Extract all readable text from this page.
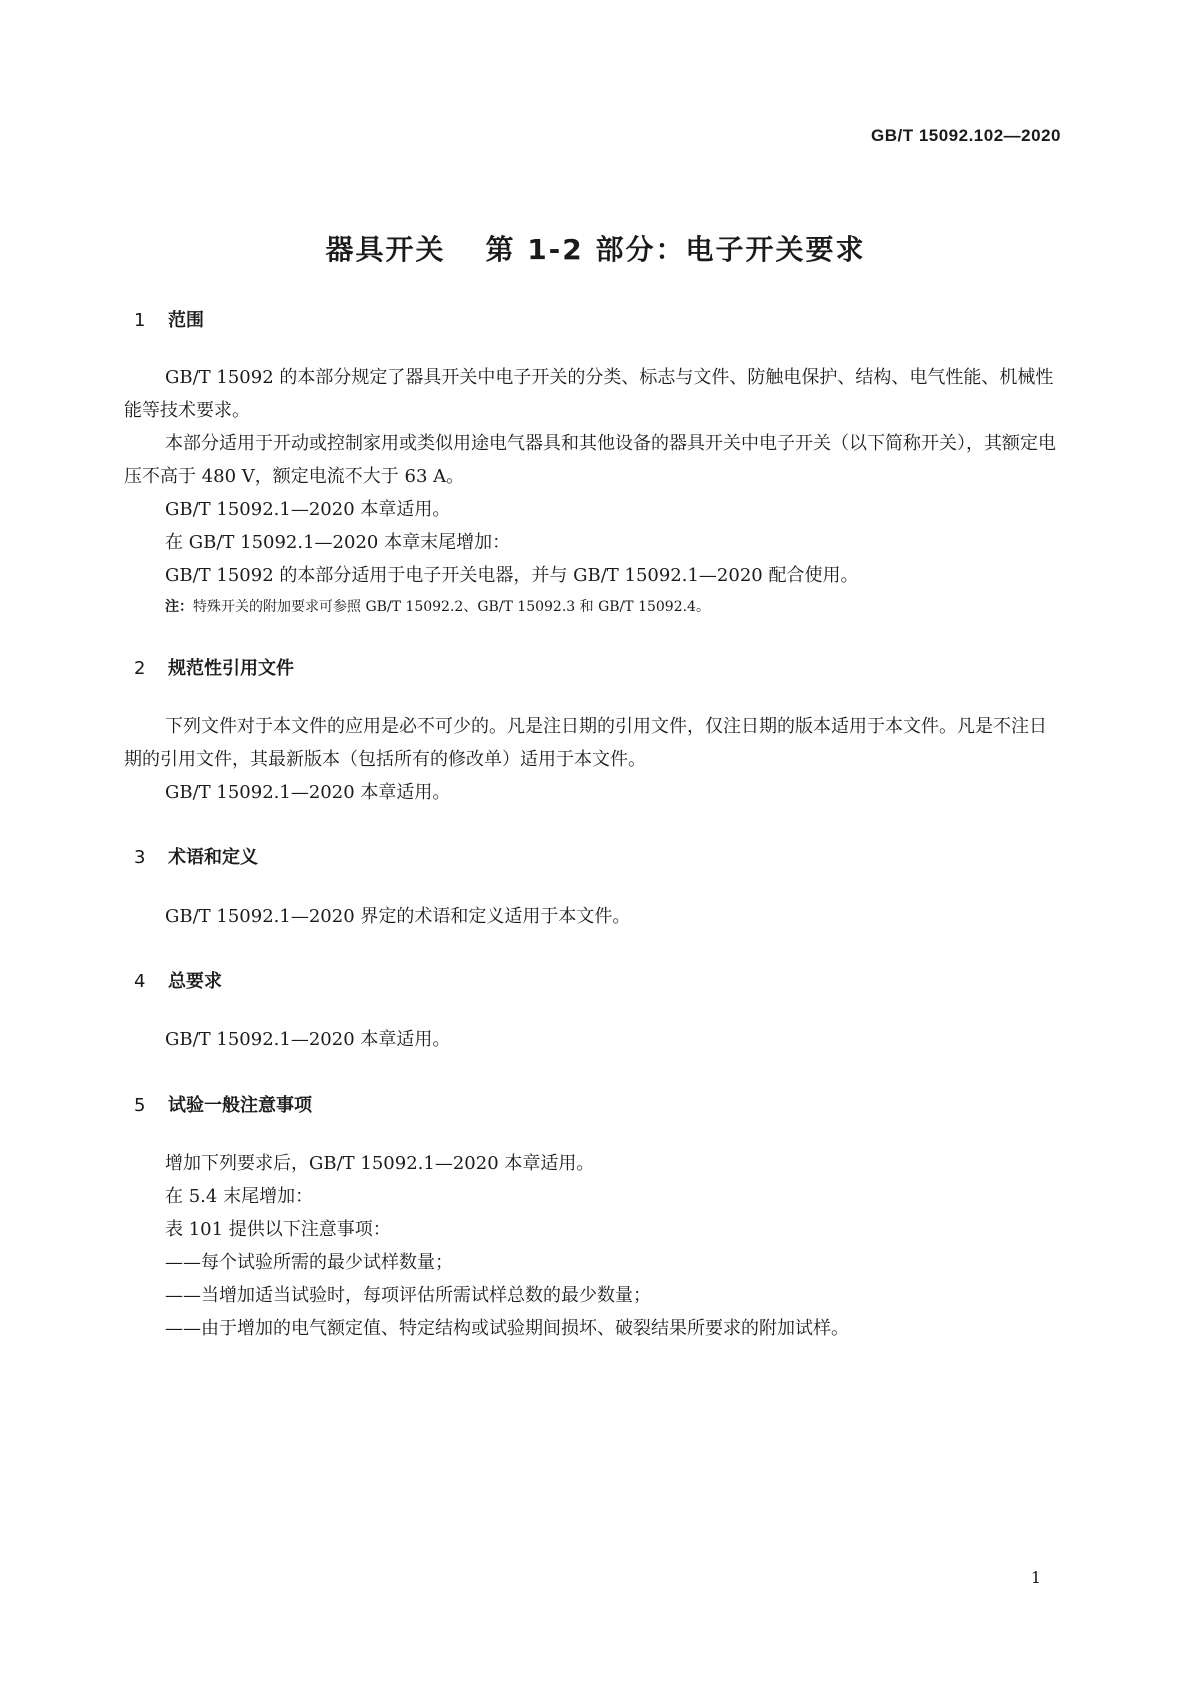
GB/T 15092.102—2020
器具开关 第 1-2 部分：电子开关要求
1 范围

GB/T 15092 的本部分规定了器具开关中电子开关的分类、标志与文件、防触电保护、结构、电气性能、机械性能等技术要求。

本部分适用于开动或控制家用或类似用途电气器具和其他设备的器具开关中电子开关（以下简称开关），其额定电压不高于 480 V，额定电流不大于 63 A。

GB/T 15092.1—2020 本章适用。

在 GB/T 15092.1—2020 本章末尾增加：

GB/T 15092 的本部分适用于电子开关电器，并与 GB/T 15092.1—2020 配合使用。

注：特殊开关的附加要求可参照 GB/T 15092.2、GB/T 15092.3 和 GB/T 15092.4。
2 规范性引用文件

下列文件对于本文件的应用是必不可少的。凡是注日期的引用文件，仅注日期的版本适用于本文件。凡是不注日期的引用文件，其最新版本（包括所有的修改单）适用于本文件。

GB/T 15092.1—2020 本章适用。

3 术语和定义

GB/T 15092.1—2020 界定的术语和定义适用于本文件。

4 总要求

GB/T 15092.1—2020 本章适用。

5 试验一般注意事项

增加下列要求后，GB/T 15092.1—2020 本章适用。

在 5.4 末尾增加：

表 101 提供以下注意事项：

——每个试验所需的最少试样数量；

——当增加适当试验时，每项评估所需试样总数的最少数量；

——由于增加的电气额定值、特定结构或试验期间损坏、破裂结果所要求的附加试样。

1
